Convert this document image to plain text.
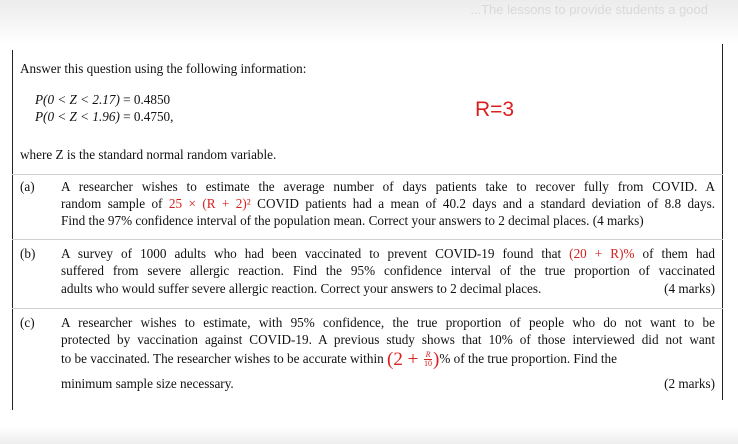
...The lessons to provide students a good
Answer this question using the following information:
P(0 < Z < 2.17) = 0.4850
P(0 < Z < 1.96) = 0.4750,	R=3
where Z is the standard normal random variable.
(a) A researcher wishes to estimate the average number of days patients take to recover fully from COVID. A
random sample of 25 × (R + 2)² COVID patients had a mean of 40.2 days and a standard deviation of 8.8 days.
Find the 97% confidence interval of the population mean. Correct your answers to 2 decimal places. (4 marks)
(b) A survey of 1000 adults who had been vaccinated to prevent COVID-19 found that (20 + R)% of them had
suffered from severe allergic reaction. Find the 95% confidence interval of the true proportion of vaccinated
adults who would suffer severe allergic reaction. Correct your answers to 2 decimal places.	(4 marks)
(c) A researcher wishes to estimate, with 95% confidence, the true proportion of people who do not want to be
protected by vaccination against COVID-19. A previous study shows that 10% of those interviewed did not want
to be vaccinated. The researcher wishes to be accurate within ($2 + \frac{R}{10}$ )% of the true proportion. Find the
minimum sample size necessary.	(2 marks)
